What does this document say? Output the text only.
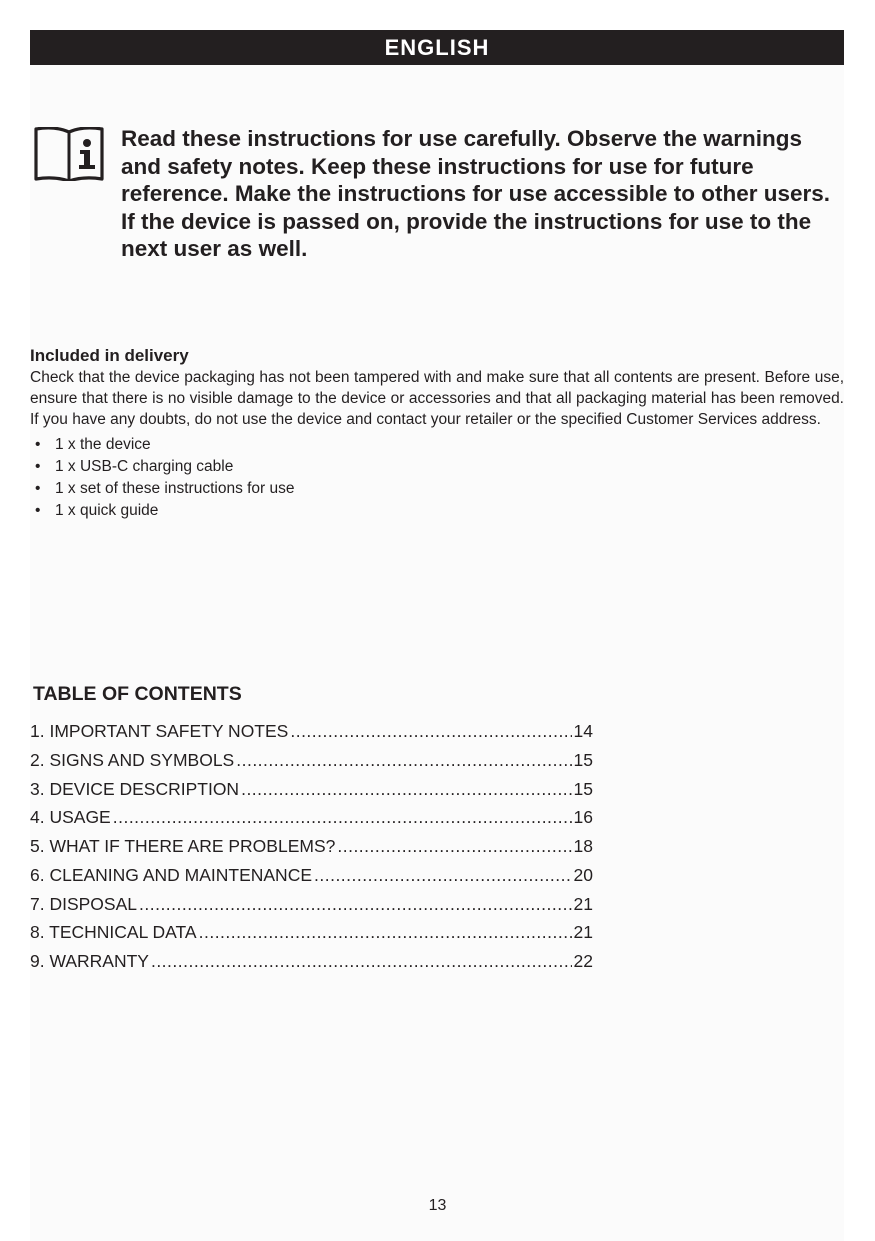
ENGLISH
Read these instructions for use carefully. Observe the warnings and safety notes. Keep these instructions for use for future reference. Make the instructions for use accessible to other users. If the device is passed on, provide the instructions for use to the next user as well.

Included in delivery

Check that the device packaging has not been tampered with and make sure that all contents are present. Before use, ensure that there is no visible damage to the device or accessories and that all packaging material has been removed. If you have any doubts, do not use the device and contact your retailer or the specified Customer Services address.

• 1 x the device
• 1 x USB-C charging cable
• 1 x set of these instructions for use
• 1 x quick guide
TABLE OF CONTENTS
1. IMPORTANT SAFETY NOTES .....	14
2. SIGNS AND SYMBOLS .....	15
3. DEVICE DESCRIPTION .....	15
4. USAGE .....	16
5. WHAT IF THERE ARE PROBLEMS? .....	18
6. CLEANING AND MAINTENANCE .....	20
7. DISPOSAL .....	21
8. TECHNICAL DATA .....	21
9. WARRANTY .....	22
13
